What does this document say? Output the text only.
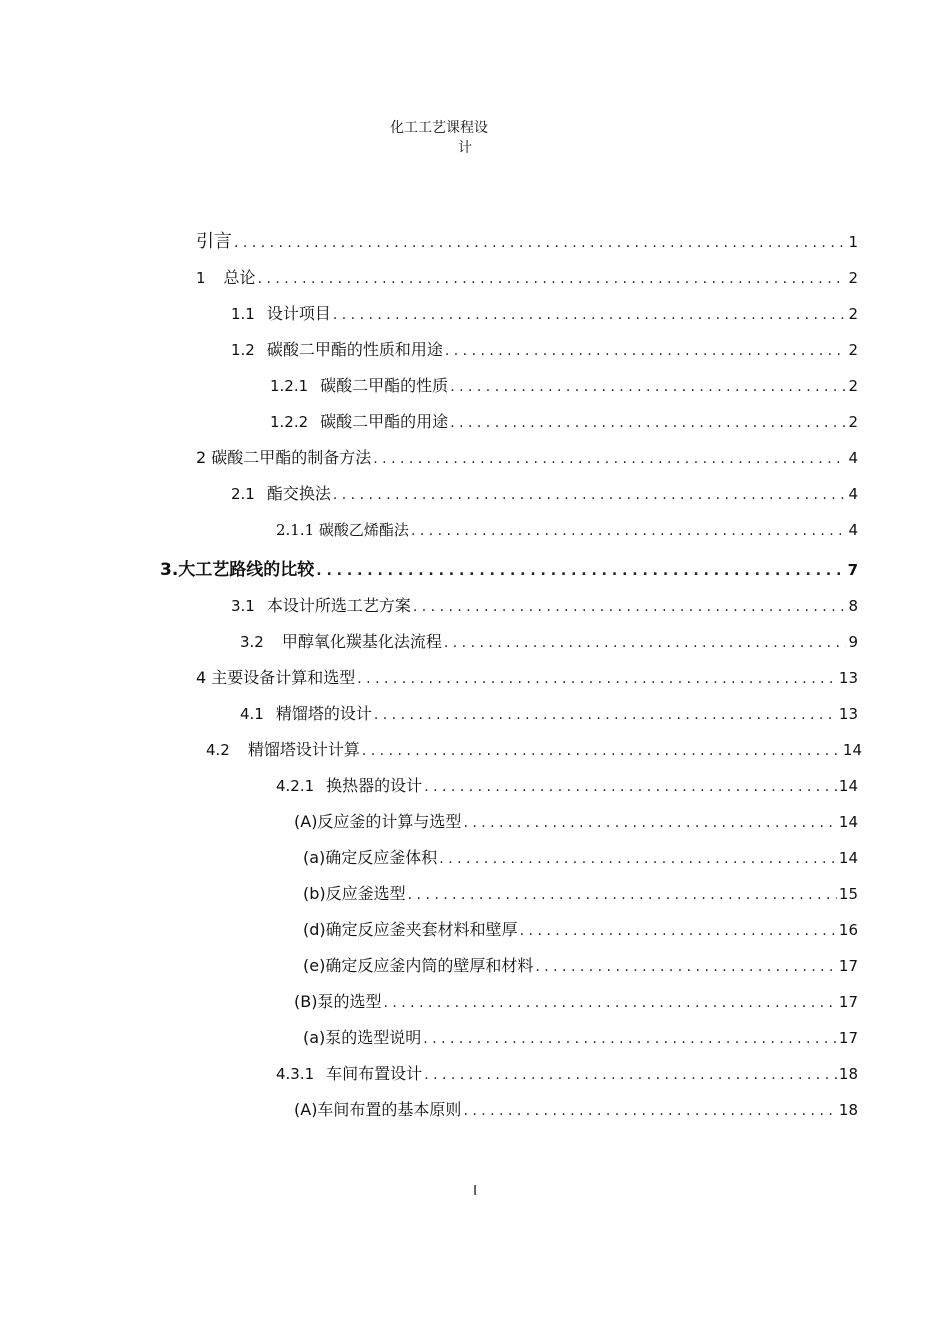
化工工艺课程设
计
引言 . . .	1
1 总论 . . .	2
1.1 设计项目 . . .	2
1.2 碳酸二甲酯的性质和用途 . . .	2
1.2.1 碳酸二甲酯的性质 . . .	2
1.2.2 碳酸二甲酯的用途 . . .	2
2 碳酸二甲酯的制备方法 . . .	4
2.1 酯交换法 . . .	4
2.1.1 碳酸乙烯酯法 . . .	4
3.大工艺路线的比较 . . .	7
3.1 本设计所选工艺方案 . . .	8
3.2 甲醇氧化羰基化法流程 . . .	9
4 主要设备计算和选型 . . .	13
4.1 精馏塔的设计 . . .	13
4.2 精馏塔设计计算 . . .	14
4.2.1 换热器的设计 . . .	14
(A)反应釜的计算与选型 . . .	14
(a)确定反应釜体积 . . .	14
(b)反应釜选型 . . .	15
(d)确定反应釜夹套材料和壁厚 . . .	16
(e)确定反应釜内筒的壁厚和材料 . . .	17
(B)泵的选型 . . .	17
(a)泵的选型说明 . . .	17
4.3.1 车间布置设计 . . .	18
(A)车间布置的基本原则 . . .	18
I
